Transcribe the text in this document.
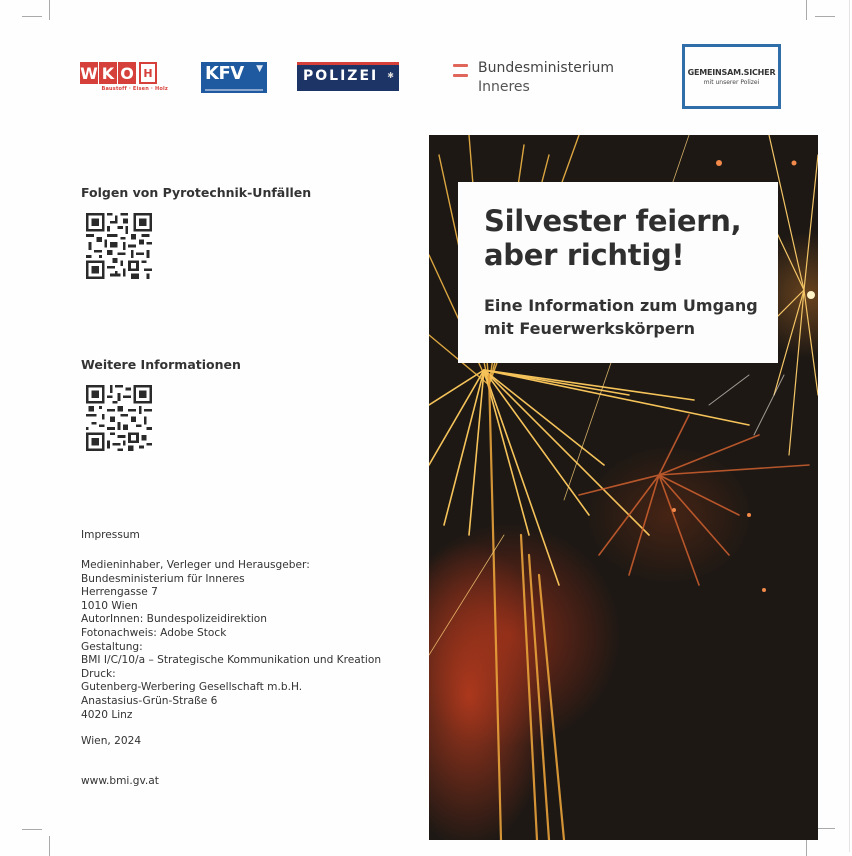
W K O H
Baustoff · Eisen · Holz
KFV ▼	POLIZEI ✱	Bundesministerium
Inneres
GEMEINSAM.SICHER
mit unserer Polizei
Folgen von Pyrotechnik-Unfällen
Weitere Informationen
Impressum
Medieninhaber, Verleger und Herausgeber:
Bundesministerium für Inneres
Herrengasse 7
1010 Wien
AutorInnen: Bundespolizeidirektion
Fotonachweis: Adobe Stock
Gestaltung:
BMI I/C/10/a – Strategische Kommunikation und Kreation
Druck:
Gutenberg-Werbering Gesellschaft m.b.H.
Anastasius-Grün-Straße 6
4020 Linz
Wien, 2024
www.bmi.gv.at
Silvester feiern,
aber richtig!
Eine Information zum Umgang
mit Feuerwerkskörpern
